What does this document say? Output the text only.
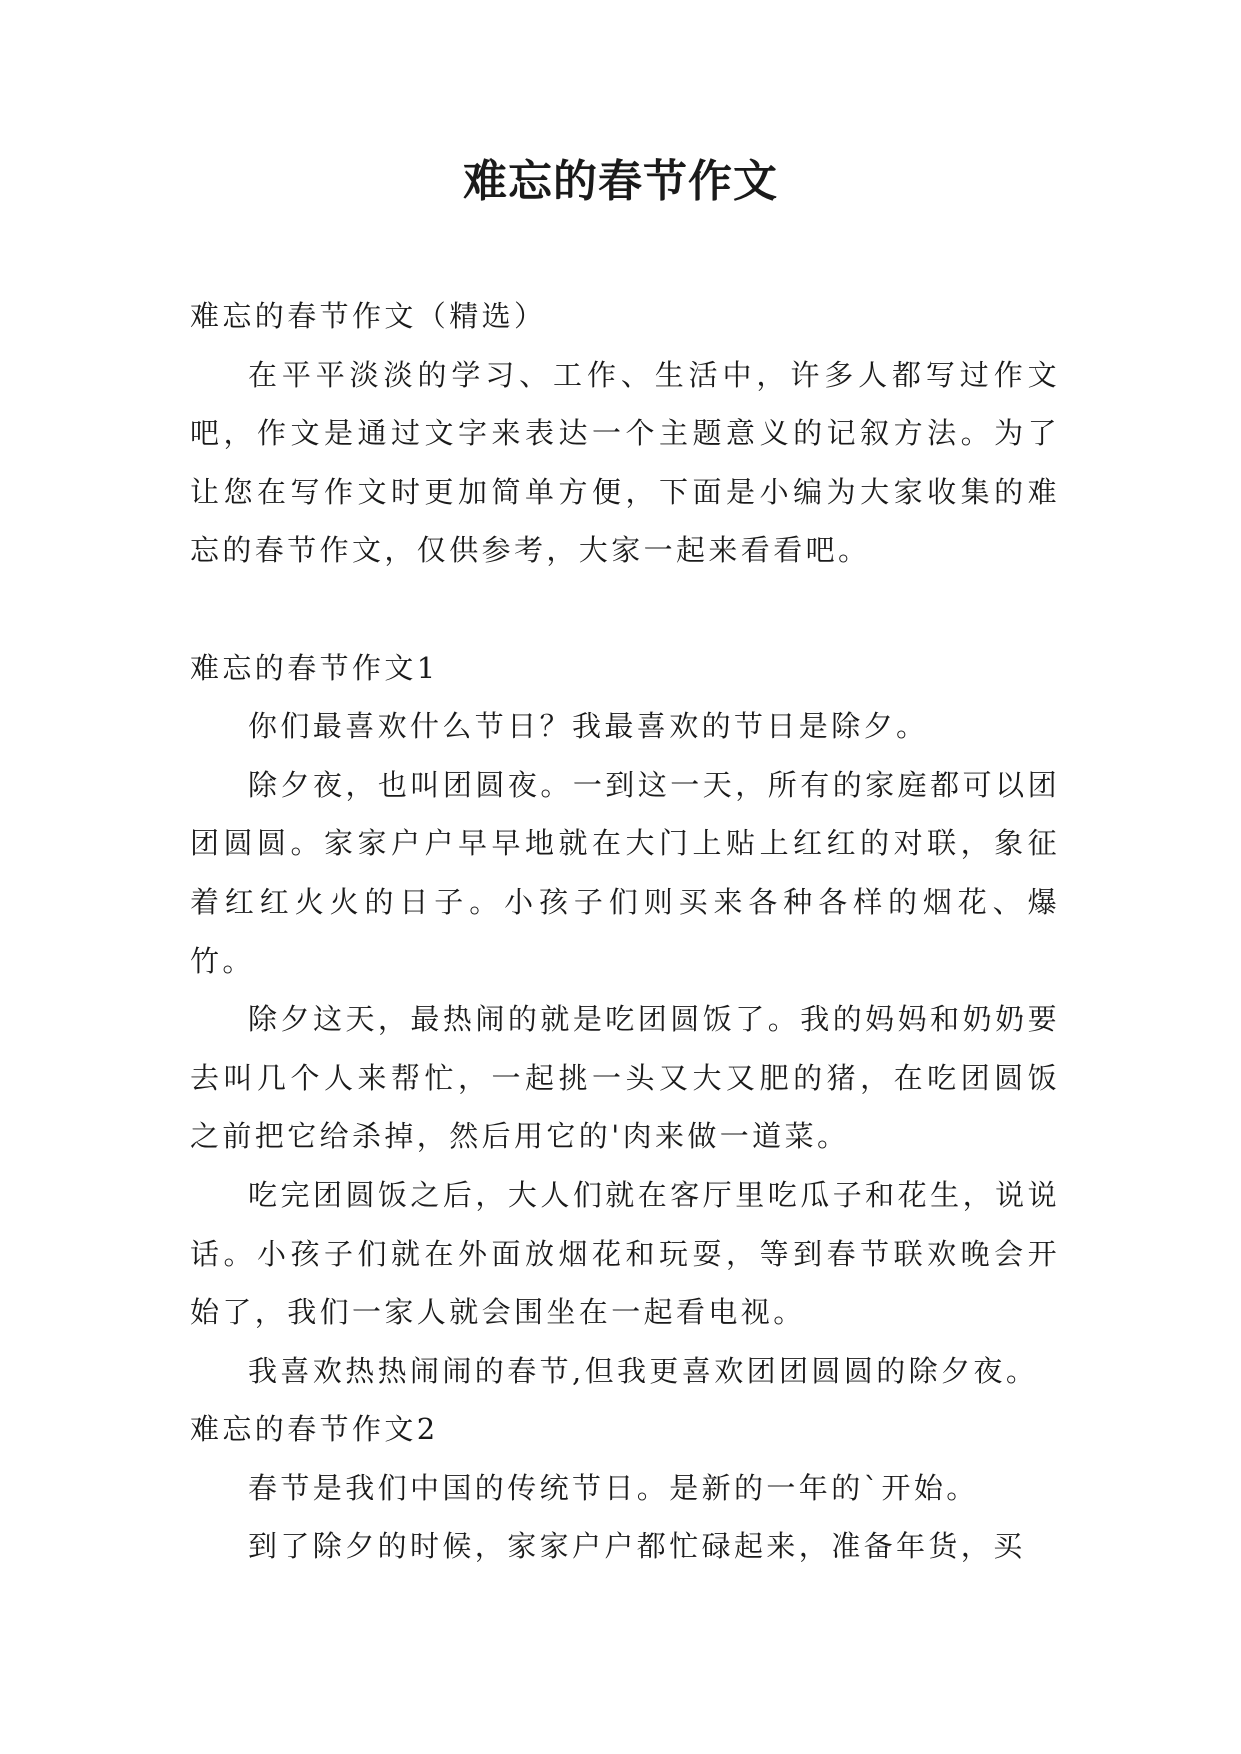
难忘的春节作文

难忘的春节作文（精选）

在平平淡淡的学习、工作、生活中，许多人都写过作文吧，作文是通过文字来表达一个主题意义的记叙方法。为了让您在写作文时更加简单方便，下面是小编为大家收集的难忘的春节作文，仅供参考，大家一起来看看吧。

难忘的春节作文1

你们最喜欢什么节日？我最喜欢的节日是除夕。

除夕夜，也叫团圆夜。一到这一天，所有的家庭都可以团团圆圆。家家户户早早地就在大门上贴上红红的对联，象征着红红火火的日子。小孩子们则买来各种各样的烟花、爆竹。

除夕这天，最热闹的就是吃团圆饭了。我的妈妈和奶奶要去叫几个人来帮忙，一起挑一头又大又肥的猪，在吃团圆饭之前把它给杀掉，然后用它的'肉来做一道菜。

吃完团圆饭之后，大人们就在客厅里吃瓜子和花生，说说话。小孩子们就在外面放烟花和玩耍，等到春节联欢晚会开始了，我们一家人就会围坐在一起看电视。

我喜欢热热闹闹的春节,但我更喜欢团团圆圆的除夕夜。

难忘的春节作文2

春节是我们中国的传统节日。是新的一年的`开始。

到了除夕的时候，家家户户都忙碌起来，准备年货，买
